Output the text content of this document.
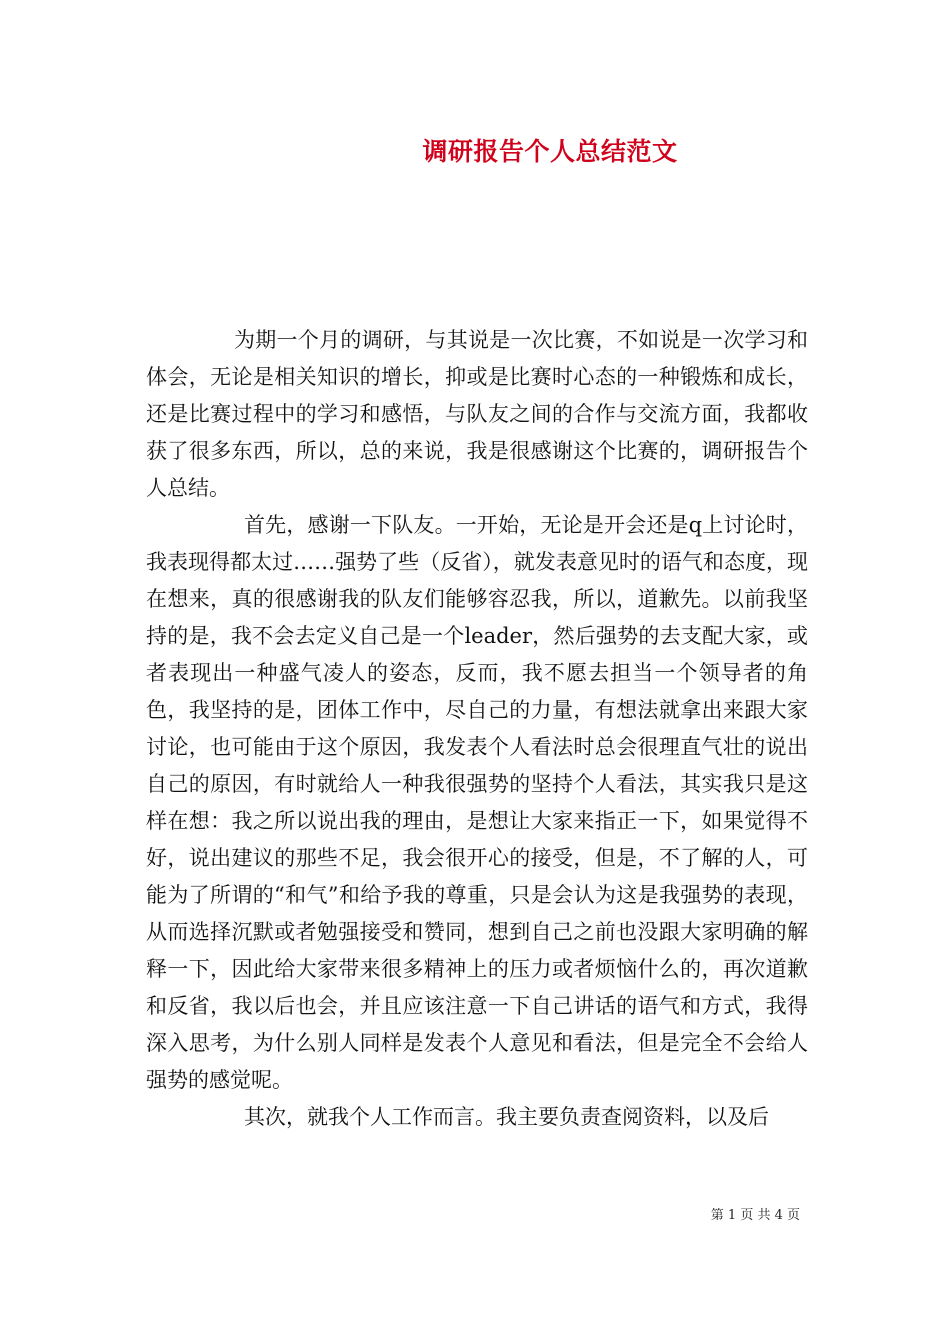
调研报告个人总结范文

为期一个月的调研，与其说是一次比赛，不如说是一次学习和体会，无论是相关知识的增长，抑或是比赛时心态的一种锻炼和成长，还是比赛过程中的学习和感悟，与队友之间的合作与交流方面，我都收获了很多东西，所以，总的来说，我是很感谢这个比赛的，调研报告个人总结。

首先，感谢一下队友。一开始，无论是开会还是q上讨论时，我表现得都太过……强势了些（反省），就发表意见时的语气和态度，现在想来，真的很感谢我的队友们能够容忍我，所以，道歉先。以前我坚持的是，我不会去定义自己是一个leader，然后强势的去支配大家，或者表现出一种盛气凌人的姿态，反而，我不愿去担当一个领导者的角色，我坚持的是，团体工作中，尽自己的力量，有想法就拿出来跟大家讨论，也可能由于这个原因，我发表个人看法时总会很理直气壮的说出自己的原因，有时就给人一种我很强势的坚持个人看法，其实我只是这样在想：我之所以说出我的理由，是想让大家来指正一下，如果觉得不好，说出建议的那些不足，我会很开心的接受，但是，不了解的人，可能为了所谓的“和气”和给予我的尊重，只是会认为这是我强势的表现，从而选择沉默或者勉强接受和赞同，想到自己之前也没跟大家明确的解释一下，因此给大家带来很多精神上的压力或者烦恼什么的，再次道歉和反省，我以后也会，并且应该注意一下自己讲话的语气和方式，我得深入思考，为什么别人同样是发表个人意见和看法，但是完全不会给人强势的感觉呢。

其次，就我个人工作而言。我主要负责查阅资料，以及后

第 1 页 共 4 页
